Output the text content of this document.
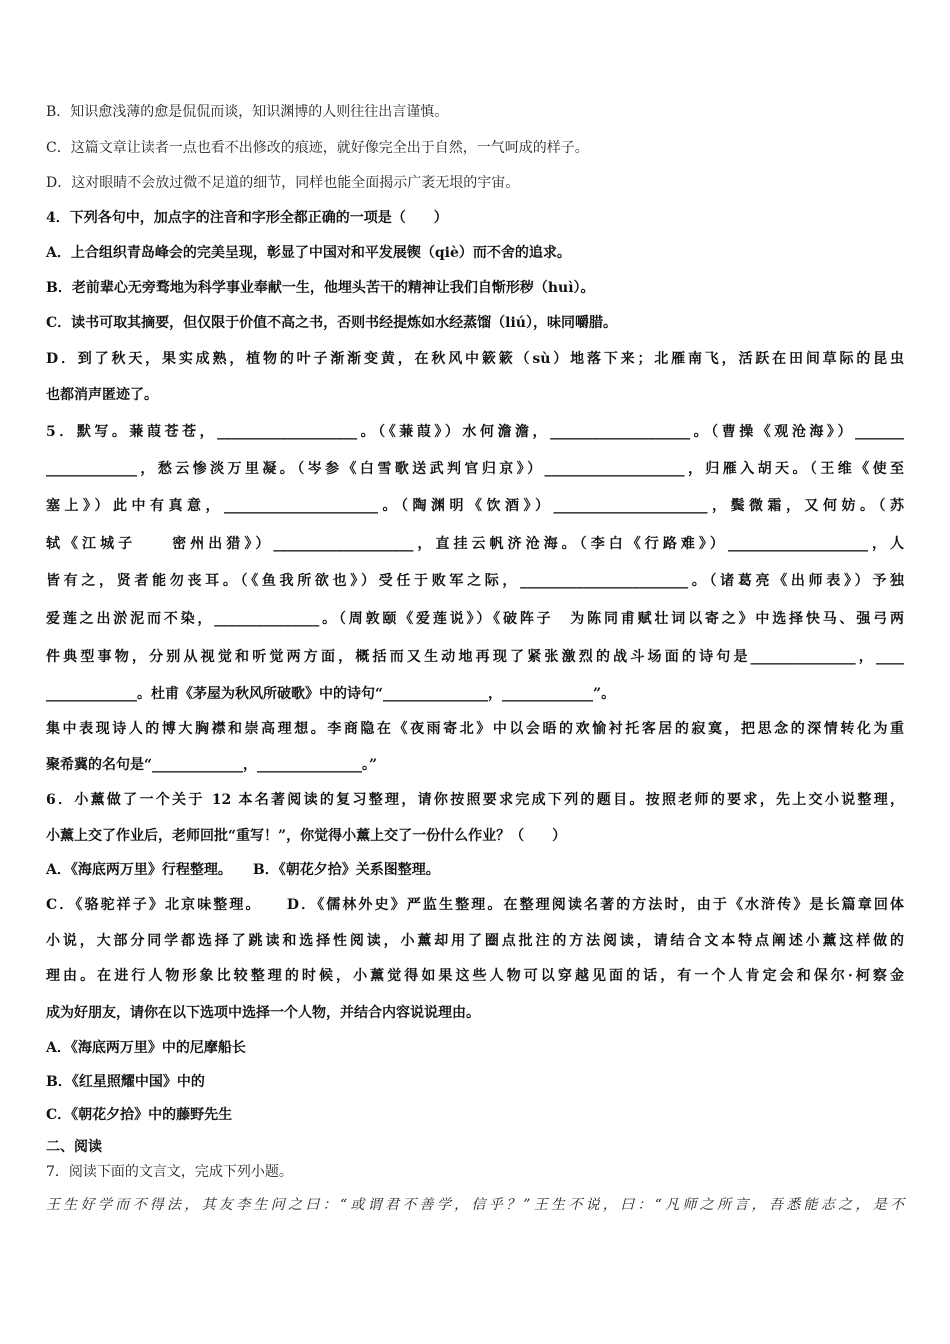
B．知识愈浅薄的愈是侃侃而谈，知识渊博的人则往往出言谨慎。
C．这篇文章让读者一点也看不出修改的痕迹，就好像完全出于自然，一气呵成的样子。
D．这对眼睛不会放过微不足道的细节，同样也能全面揭示广袤无垠的宇宙。
4．下列各句中，加点字的注音和字形全都正确的一项是（　　）
A．上合组织青岛峰会的完美呈现，彰显了中国对和平发展锲（qiè）而不舍的追求。
B．老前辈心无旁骛地为科学事业奉献一生，他埋头苦干的精神让我们自惭形秽（huì）。
C．读书可取其摘要，但仅限于价值不高之书，否则书经提炼如水经蒸馏（liú），味同嚼腊。
D．到了秋天，果实成熟，植物的叶子渐渐变黄，在秋风中簌簌（sù）地落下来；北雁南飞，活跃在田间草际的昆虫
也都消声匿迹了。
5．默写。蒹葭苍苍，____________________。（《蒹葭》）水何澹澹，____________________。（曹操《观沧海》）_______
_____________，愁云惨淡万里凝。（岑参《白雪歌送武判官归京》）____________________，归雁入胡天。（王维《使至
塞上》）此中有真意，______________________。（陶渊明《饮酒》）______________________，鬓微霜，又何妨。（苏
轼《江城子　　密州出猎》）____________________，直挂云帆济沧海。（李白《行路难》）____________________，人
皆有之，贤者能勿丧耳。（《鱼我所欲也》）受任于败军之际，________________________。（诸葛亮《出师表》）予独
爱莲之出淤泥而不染，_______________。（周敦颐《爱莲说》）《破阵子　为陈同甫赋壮词以寄之》中选择快马、强弓两
件典型事物，分别从视觉和听觉两方面，概括而又生动地再现了紧张激烈的战斗场面的诗句是_______________，____
_____________。杜甫《茅屋为秋风所破歌》中的诗句“_______________，_____________”。
集中表现诗人的博大胸襟和崇高理想。李商隐在《夜雨寄北》中以会晤的欢愉衬托客居的寂寞，把思念的深情转化为重
聚希冀的名句是“_____________，_______________。”
6．小薰做了一个关于 12 本名著阅读的复习整理，请你按照要求完成下列的题目。按照老师的要求，先上交小说整理，
小薰上交了作业后，老师回批“重写！”，你觉得小薰上交了一份什么作业？（　　）
A．《海底两万里》行程整理。　　B．《朝花夕拾》关系图整理。
C．《骆驼祥子》北京味整理。　　D．《儒林外史》严监生整理。在整理阅读名著的方法时，由于《水浒传》是长篇章回体
小说，大部分同学都选择了跳读和选择性阅读，小薰却用了圈点批注的方法阅读，请结合文本特点阐述小薰这样做的
理由。在进行人物形象比较整理的时候，小薰觉得如果这些人物可以穿越见面的话，有一个人肯定会和保尔·柯察金
成为好朋友，请你在以下选项中选择一个人物，并结合内容说说理由。
A．《海底两万里》中的尼摩船长
B．《红星照耀中国》中的
C．《朝花夕拾》中的藤野先生
二、阅读
7．阅读下面的文言文，完成下列小题。
王生好学而不得法，其友李生问之曰：“或谓君不善学，信乎？”王生不说，曰：“凡师之所言，吾悉能志之，是不
